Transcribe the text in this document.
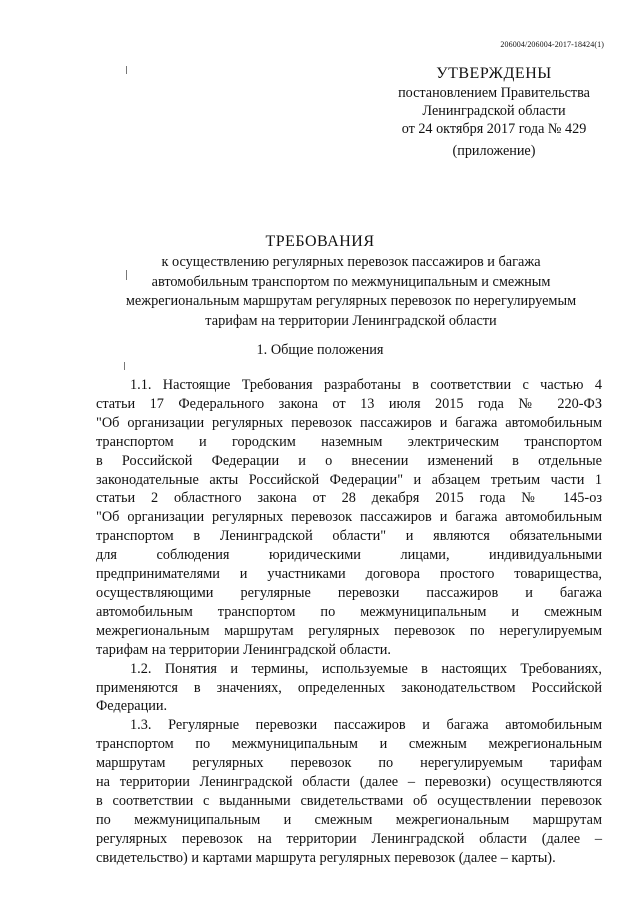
206004/206004-2017-18424(1)
УТВЕРЖДЕНЫ
постановлением Правительства
Ленинградской области
от 24 октября 2017 года № 429
(приложение)
ТРЕБОВАНИЯ
к осуществлению регулярных перевозок пассажиров и багажа
автомобильным транспортом по межмуниципальным и смежным
межрегиональным маршрутам регулярных перевозок по нерегулируемым
тарифам на территории Ленинградской области
1. Общие положения
1.1. Настоящие Требования разработаны в соответствии с частью 4
статьи 17 Федерального закона от 13 июля 2015 года № 220-ФЗ
"Об организации регулярных перевозок пассажиров и багажа автомобильным
транспортом и городским наземным электрическим транспортом
в Российской Федерации и о внесении изменений в отдельные
законодательные акты Российской Федерации" и абзацем третьим части 1
статьи 2 областного закона от 28 декабря 2015 года № 145-оз
"Об организации регулярных перевозок пассажиров и багажа автомобильным
транспортом в Ленинградской области" и являются обязательными
для соблюдения юридическими лицами, индивидуальными
предпринимателями и участниками договора простого товарищества,
осуществляющими регулярные перевозки пассажиров и багажа
автомобильным транспортом по межмуниципальным и смежным
межрегиональным маршрутам регулярных перевозок по нерегулируемым
тарифам на территории Ленинградской области.
1.2. Понятия и термины, используемые в настоящих Требованиях,
применяются в значениях, определенных законодательством Российской
Федерации.
1.3. Регулярные перевозки пассажиров и багажа автомобильным
транспортом по межмуниципальным и смежным межрегиональным
маршрутам регулярных перевозок по нерегулируемым тарифам
на территории Ленинградской области (далее – перевозки) осуществляются
в соответствии с выданными свидетельствами об осуществлении перевозок
по межмуниципальным и смежным межрегиональным маршрутам
регулярных перевозок на территории Ленинградской области (далее –
свидетельство) и картами маршрута регулярных перевозок (далее – карты).
